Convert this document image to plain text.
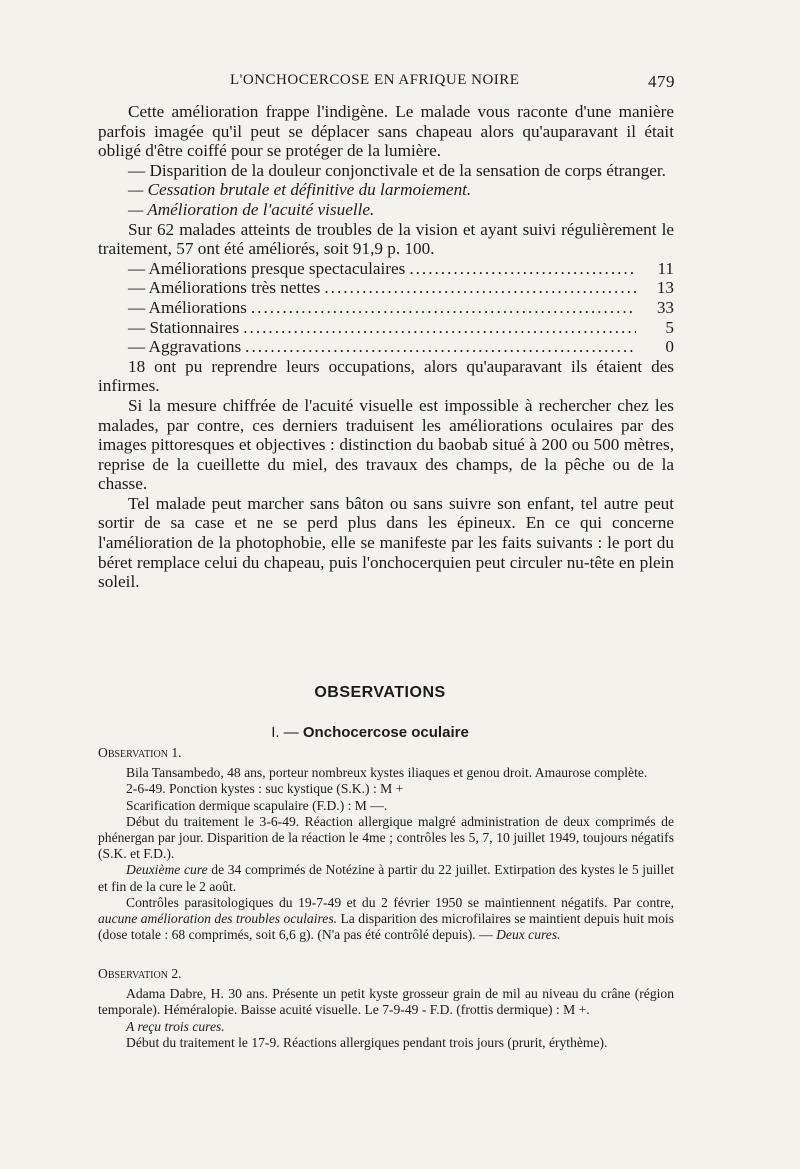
L'ONCHOCERCOSE EN AFRIQUE NOIRE	479

Cette amélioration frappe l'indigène. Le malade vous raconte d'une manière parfois imagée qu'il peut se déplacer sans chapeau alors qu'auparavant il était obligé d'être coiffé pour se protéger de la lumière.

— Disparition de la douleur conjonctivale et de la sensation de corps étranger.

— Cessation brutale et définitive du larmoiement.

— Amélioration de l'acuité visuelle.

Sur 62 malades atteints de troubles de la vision et ayant suivi régulièrement le traitement, 57 ont été améliorés, soit 91,9 p. 100.

— Améliorations presque spectaculaires .....	11
— Améliorations très nettes .....	13
— Améliorations .....	33
— Stationnaires .....	5
— Aggravations .....	0

18 ont pu reprendre leurs occupations, alors qu'auparavant ils étaient des infirmes.

Si la mesure chiffrée de l'acuité visuelle est impossible à rechercher chez les malades, par contre, ces derniers traduisent les améliorations oculaires par des images pittoresques et objectives : distinction du baobab situé à 200 ou 500 mètres, reprise de la cueillette du miel, des travaux des champs, de la pêche ou de la chasse.

Tel malade peut marcher sans bâton ou sans suivre son enfant, tel autre peut sortir de sa case et ne se perd plus dans les épineux. En ce qui concerne l'amélioration de la photophobie, elle se manifeste par les faits suivants : le port du béret remplace celui du chapeau, puis l'onchocerquien peut circuler nu-tête en plein soleil.

OBSERVATIONS
I. — Onchocercose oculaire

Observation 1.

Bila Tansambedo, 48 ans, porteur nombreux kystes iliaques et genou droit. Amaurose complète.

2-6-49. Ponction kystes : suc kystique (S.K.) : M +

Scarification dermique scapulaire (F.D.) : M —.

Début du traitement le 3-6-49. Réaction allergique malgré administration de deux comprimés de phénergan par jour. Disparition de la réaction le 4me ; contrôles les 5, 7, 10 juillet 1949, toujours négatifs (S.K. et F.D.).

Deuxième cure de 34 comprimés de Notézine à partir du 22 juillet. Extirpation des kystes le 5 juillet et fin de la cure le 2 août.

Contrôles parasitologiques du 19-7-49 et du 2 février 1950 se maintiennent négatifs. Par contre, aucune amélioration des troubles oculaires. La disparition des microfilaires se maintient depuis huit mois (dose totale : 68 comprimés, soit 6,6 g). (N'a pas été contrôlé depuis). — Deux cures.

Observation 2.

Adama Dabre, H. 30 ans. Présente un petit kyste grosseur grain de mil au niveau du crâne (région temporale). Héméralopie. Baisse acuité visuelle. Le 7-9-49 - F.D. (frottis dermique) : M +.

A reçu trois cures.

Début du traitement le 17-9. Réactions allergiques pendant trois jours (prurit, érythème).
